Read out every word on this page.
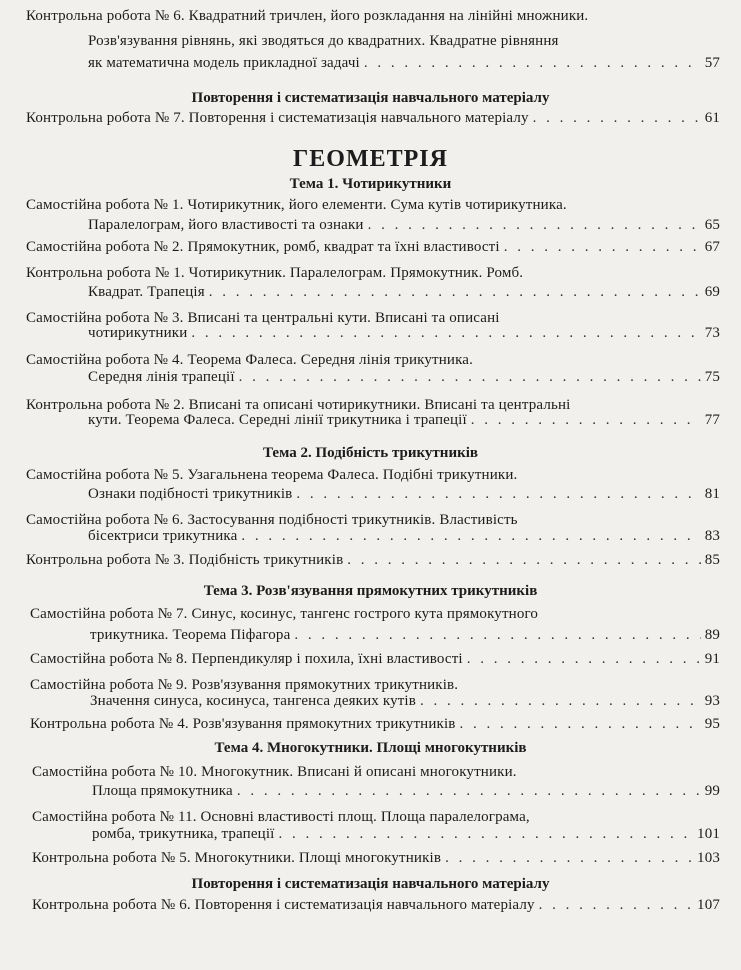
Контрольна робота № 6. Квадратний тричлен, його розкладання на лінійні множники.
Розв'язування рівнянь, які зводяться до квадратних. Квадратне рівняння
як математична модель прикладної задачі . . .	57
Повторення і систематизація навчального матеріалу
Контрольна робота № 7. Повторення і систематизація навчального матеріалу . . .	61
ГЕОМЕТРІЯ
Тема 1. Чотирикутники
Самостійна робота № 1. Чотирикутник, його елементи. Сума кутів чотирикутника.
Паралелограм, його властивості та ознаки . . .	65
Самостійна робота № 2. Прямокутник, ромб, квадрат та їхні властивості . . .	67
Контрольна робота № 1. Чотирикутник. Паралелограм. Прямокутник. Ромб.
Квадрат. Трапеція . . .	69
Самостійна робота № 3. Вписані та центральні кути. Вписані та описані
чотирикутники . . .	73
Самостійна робота № 4. Теорема Фалеса. Середня лінія трикутника.
Середня лінія трапеції . . .	75
Контрольна робота № 2. Вписані та описані чотирикутники. Вписані та центральні
кути. Теорема Фалеса. Середні лінії трикутника і трапеції . . .	77
Тема 2. Подібність трикутників
Самостійна робота № 5. Узагальнена теорема Фалеса. Подібні трикутники.
Ознаки подібності трикутників . . .	81
Самостійна робота № 6. Застосування подібності трикутників. Властивість
бісектриси трикутника . . .	83
Контрольна робота № 3. Подібність трикутників . . .	85
Тема 3. Розв'язування прямокутних трикутників
Самостійна робота № 7. Синус, косинус, тангенс гострого кута прямокутного
трикутника. Теорема Піфагора . . .	89
Самостійна робота № 8. Перпендикуляр і похила, їхні властивості . . .	91
Самостійна робота № 9. Розв'язування прямокутних трикутників.
Значення синуса, косинуса, тангенса деяких кутів . . .	93
Контрольна робота № 4. Розв'язування прямокутних трикутників . . .	95
Тема 4. Многокутники. Площі многокутників
Самостійна робота № 10. Многокутник. Вписані й описані многокутники.
Площа прямокутника . . .	99
Самостійна робота № 11. Основні властивості площ. Площа паралелограма,
ромба, трикутника, трапеції . . .	101
Контрольна робота № 5. Многокутники. Площі многокутників . . .	103
Повторення і систематизація навчального матеріалу
Контрольна робота № 6. Повторення і систематизація навчального матеріалу . . .	107
